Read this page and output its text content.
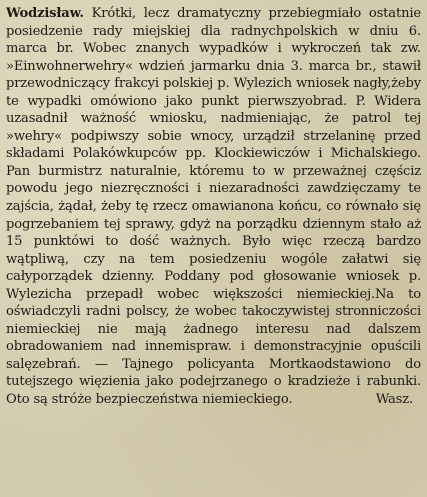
Wodzisław. Krótki, lecz dramatyczny przebiegmiało ostatnie
posiedzenie rady miejskiej dla radnychpolskich w dniu 6.
marca br. Wobec znanych wypadków i wykroczeń tak zw.
»Einwohnerwehry« wdzień jarmarku dnia 3. marca br., stawił
przewodniczący frakcyi polskiej p. Wylezich wniosek nagły,żeby
te wypadki omówiono jako punkt pierwszyobrad. P. Widera
uzasadnił ważność wniosku, nadmieniając, że patrol tej
»wehry« podpiwszy sobie wnocy, urządził strzelaninę przed
składami Polakówkupców pp. Klockiewiczów i Michalskiego.
Pan burmistrz naturalnie, któremu to w przeważnej częściz
powodu jego niezręczności i niezaradności zawdzięczamy te
zajścia, żądał, żeby tę rzecz omawianona końcu, co równało się
pogrzebaniem tej sprawy, gdyż na porządku dziennym stało aż
15 punktówi to dość ważnych. Było więc rzeczą bardzo
wątpliwą, czy na tem posiedzeniu wogóle załatwi się
całyporządek dzienny. Poddany pod głosowanie wniosek p.
Wylezicha przepadł wobec większości niemieckiej.Na to
oświadczyli radni polscy, że wobec takoczywistej stronniczości
niemieckiej nie mają żadnego interesu nad dalszem
obradowaniem nad innemispraw. i demonstracyjnie opuścili
salęzebrań. — Tajnego policyanta Mortkaodstawiono do
tutejszego więzienia jako podejrzanego o kradzieże i rabunki.
Oto są stróże bezpieczeństwa niemieckiego.	Wasz.
